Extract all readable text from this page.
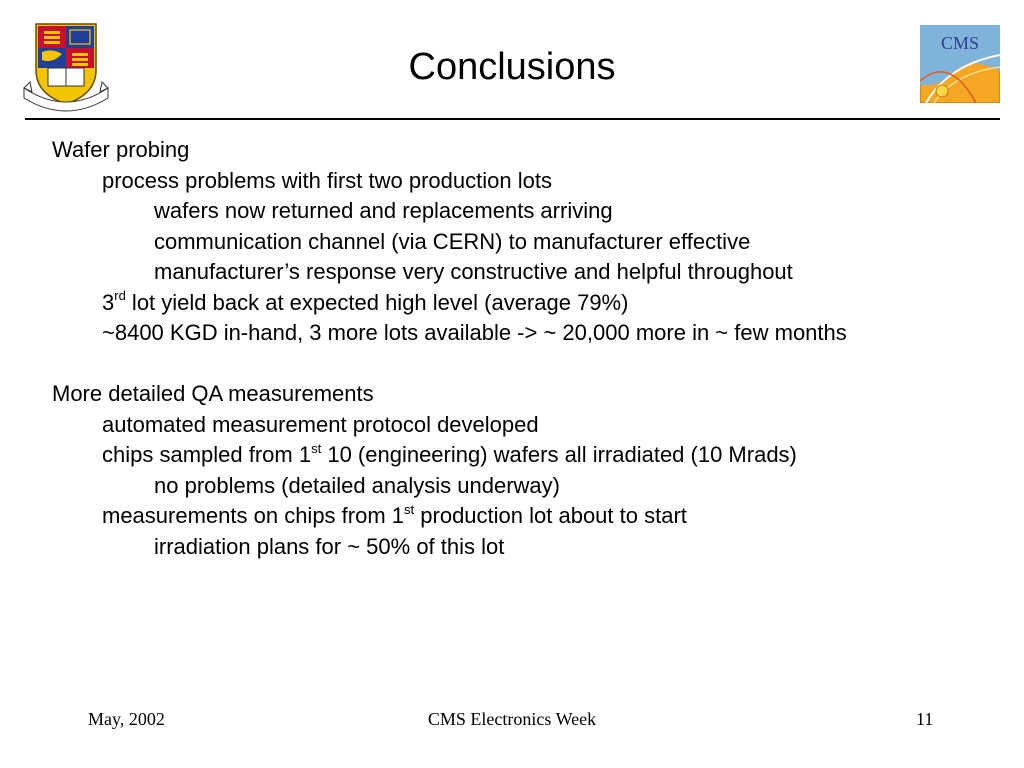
CMS
Conclusions
Wafer probing
process problems with first two production lots
wafers now returned and replacements arriving
communication channel (via CERN) to manufacturer effective
manufacturer’s response very constructive and helpful throughout
3rd lot yield back at expected high level (average 79%)
~8400 KGD in-hand, 3 more lots available -> ~ 20,000 more in ~ few months
More detailed QA measurements
automated measurement protocol developed
chips sampled from 1st 10 (engineering) wafers all irradiated (10 Mrads)
no problems (detailed analysis underway)
measurements on chips from 1st production lot about to start
irradiation plans for ~ 50% of this lot
May, 2002	CMS Electronics Week	11
